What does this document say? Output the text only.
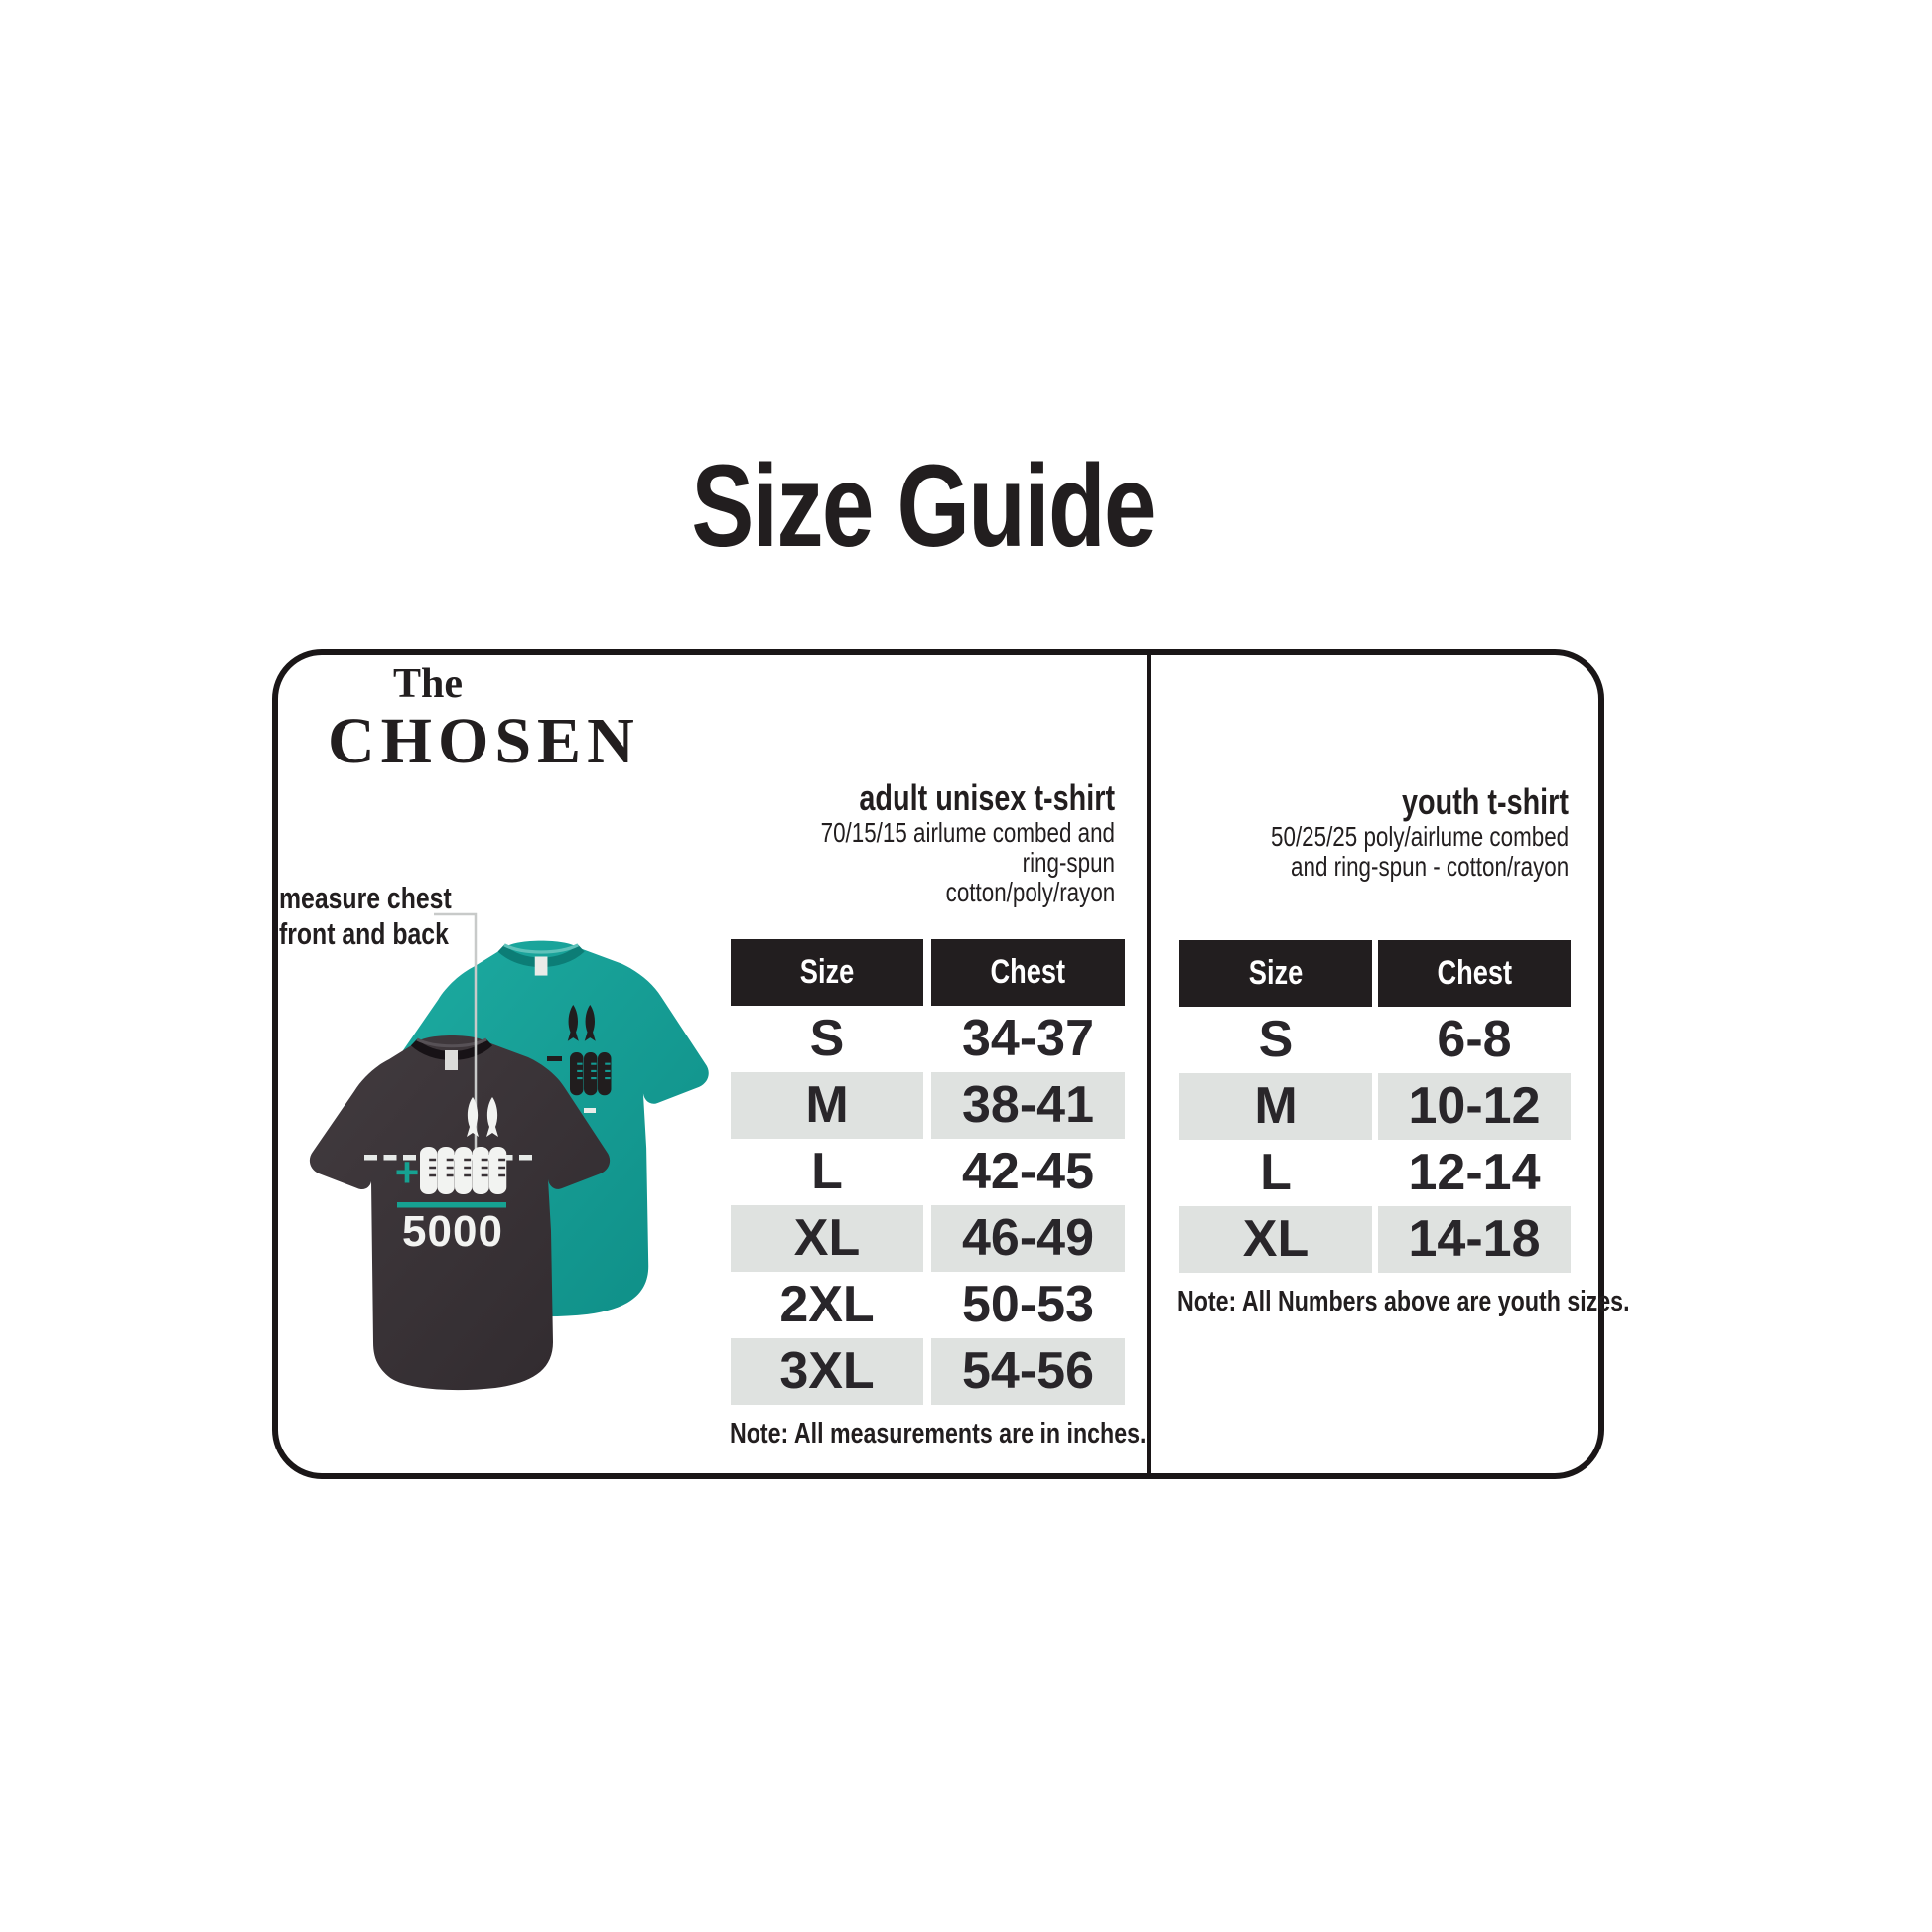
Size Guide
The
CHOSEN
measure chest
front and back
+
5000
adult unisex t-shirt
70/15/15 airlume combed and ring-spun
cotton/poly/rayon
youth t-shirt
50/25/25 poly/airlume combed
and ring-spun - cotton/rayon
Size	Chest
S	34-37
M	38-41
L	42-45
XL	46-49
2XL	50-53
3XL	54-56
Note: All measurements are in inches.
Size	Chest
S	6-8
M	10-12
L	12-14
XL	14-18
Note: All Numbers above are youth sizes.
